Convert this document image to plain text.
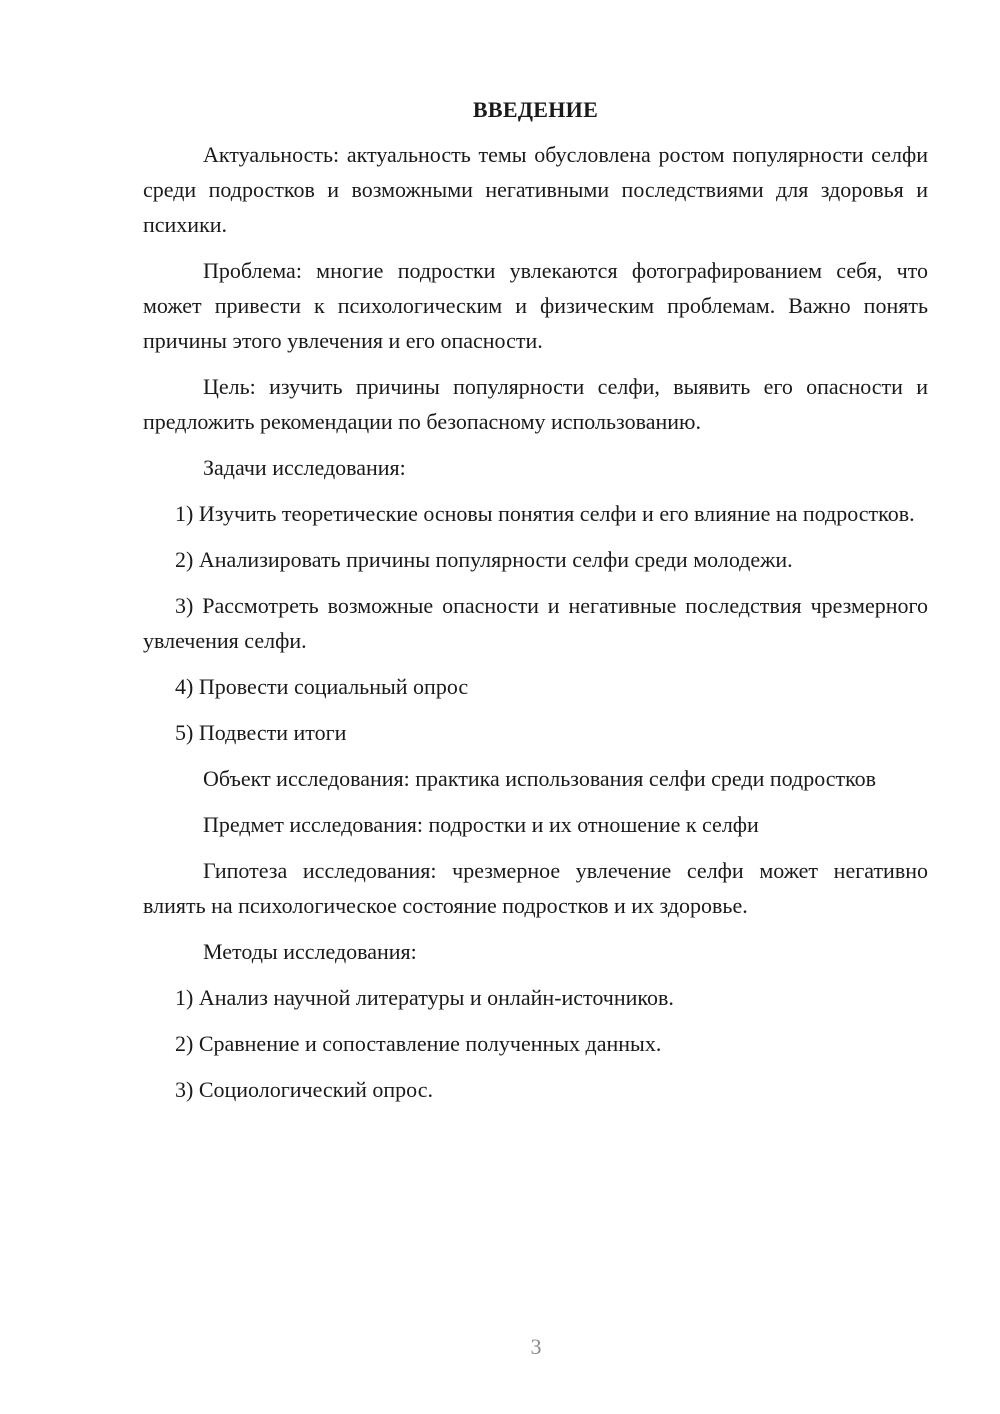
ВВЕДЕНИЕ

Актуальность: актуальность темы обусловлена ростом популярности селфи среди подростков и возможными негативными последствиями для здоровья и психики.

Проблема: многие подростки увлекаются фотографированием себя, что может привести к психологическим и физическим проблемам. Важно понять причины этого увлечения и его опасности.

Цель: изучить причины популярности селфи, выявить его опасности и предложить рекомендации по безопасному использованию.

Задачи исследования:

1) Изучить теоретические основы понятия селфи и его влияние на подростков.

2) Анализировать причины популярности селфи среди молодежи.

3) Рассмотреть возможные опасности и негативные последствия чрезмерного увлечения селфи.

4) Провести социальный опрос

5) Подвести итоги

Объект исследования: практика использования селфи среди подростков

Предмет исследования: подростки и их отношение к селфи

Гипотеза исследования: чрезмерное увлечение селфи может негативно влиять на психологическое состояние подростков и их здоровье.

Методы исследования:

1) Анализ научной литературы и онлайн-источников.

2) Сравнение и сопоставление полученных данных.

3) Социологический опрос.

3
